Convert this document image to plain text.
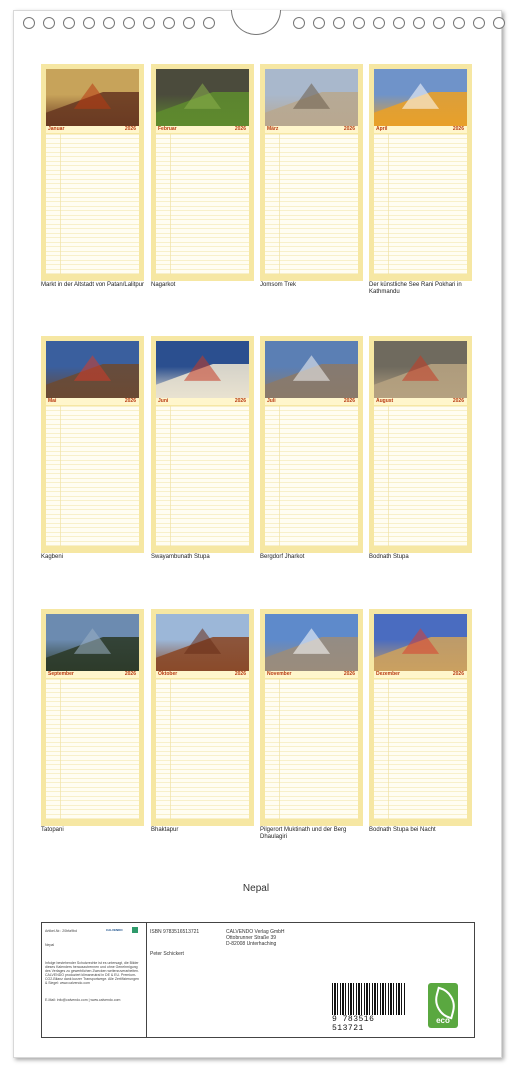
Januar	2026
Markt in der Altstadt von Patan/Lalitpur
Februar	2026
Nagarkot
März	2026
Jomsom Trek
April	2026
Der künstliche See Rani Pokhari in Kathmandu
Mai	2026
Kagbeni
Juni	2026
Swayambunath Stupa
Juli	2026
Bergdorf Jharkot
August	2026
Bodnath Stupa
September	2026
Tatopani
Oktober	2026
Bhaktapur
November	2026
Pilgerort Muktinath und der Berg Dhaulagiri
Dezember	2026
Bodnath Stupa bei Nacht
Nepal
Artikel-Nr.: 20bfa9bd	CALVENDO
Nepal
Infolge bestehender Schutzrechte ist es untersagt, die Bilder dieses Kalenders herauszutrennen und ohne Genehmigung des Verlages zu gewerblichen Zwecken weiterzuverarbeiten. CALVENDO produziert klimaneutral in DE & EU. Premium-CO2-Bilanz dank kurzer Transportwege. Alle Zertifizierungen & Siegel: www.calvendo.com
E-Mail: info@calvendo.com | www.calvendo.com
ISBN 9783516513721
Peter Schickert
CALVENDO Verlag GmbH
Ottobrunner Straße 39
D-82008 Unterhaching
9 783516 513721
eco
